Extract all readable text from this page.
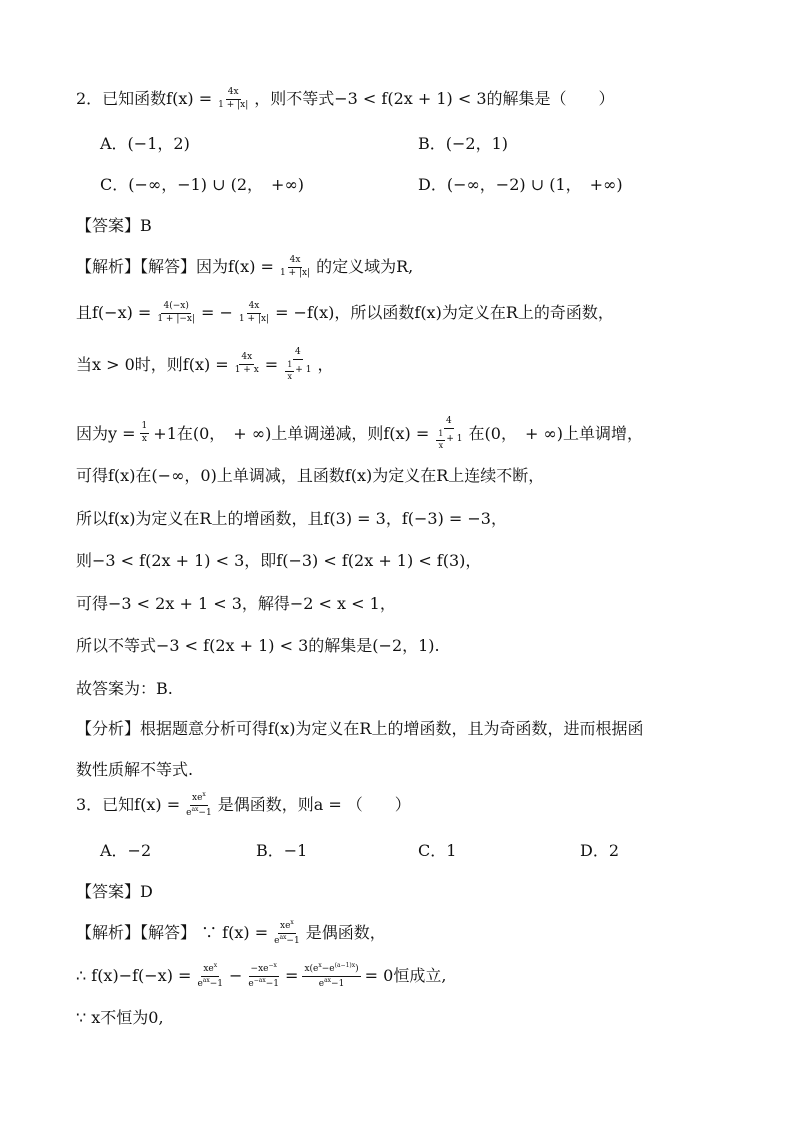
2．已知函数$f(x) = \frac{4x}{1 + |x|}$ ，则不等式−3 < f(2x + 1) < 3的解集是（　　）
A．(−1，2)	B．(−2，1)
C．(−∞，−1) ∪ (2，　+∞)	D．(−∞，−2) ∪ (1，　+∞)
【答案】B
【解析】【解答】因为$f(x) = \frac{4x}{1 + |x|}$ 的定义域为R,
且$f(-x) = \frac{4(-x)}{1 + |-x|}$ = − $\frac{4x}{1 + |x|} = -f(x)$，所以函数f(x)为定义在R上的奇函数，
当x > 0时，则$f(x) = \frac{4x}{1 + x} = \frac{4}{\frac{1}{x} + 1}$ ，
因为$y = \frac{1}{x} +1$在(0，　+ ∞)上单调递减，则$f(x) = \frac{4}{\frac{1}{x} + 1}$ 在(0，　+ ∞)上单调增，
可得f(x)在(−∞，0)上单调减，且函数f(x)为定义在R上连续不断，
所以f(x)为定义在R上的增函数，且f(3) = 3，f(−3) = −3，
则−3 < f(2x + 1) < 3，即f(−3) < f(2x + 1) < f(3)，
可得−3 < 2x + 1 < 3，解得−2 < x < 1，
所以不等式−3 < f(2x + 1) < 3的解集是(−2，1).
故答案为：B.
【分析】根据题意分析可得f(x)为定义在R上的增函数，且为奇函数，进而根据函
数性质解不等式.
3．已知$f(x) = \frac{xe^x}{e^{ax}-1}$ 是偶函数，则a = （　　）
A．−2	B．−1	C．1	D．2
【答案】D
【解析】【解答】 ∵ $f(x) = \frac{xe^x}{e^{ax}-1}$ 是偶函数，
∴ $f(x)-f(-x) = \frac{xe^x}{e^{ax}-1} - \frac{-xe^{-x}}{e^{-ax}-1} = \frac{x(e^x-e^{(a-1)x})}{e^{ax}-1} = 0$恒成立,
∵ x不恒为0,
